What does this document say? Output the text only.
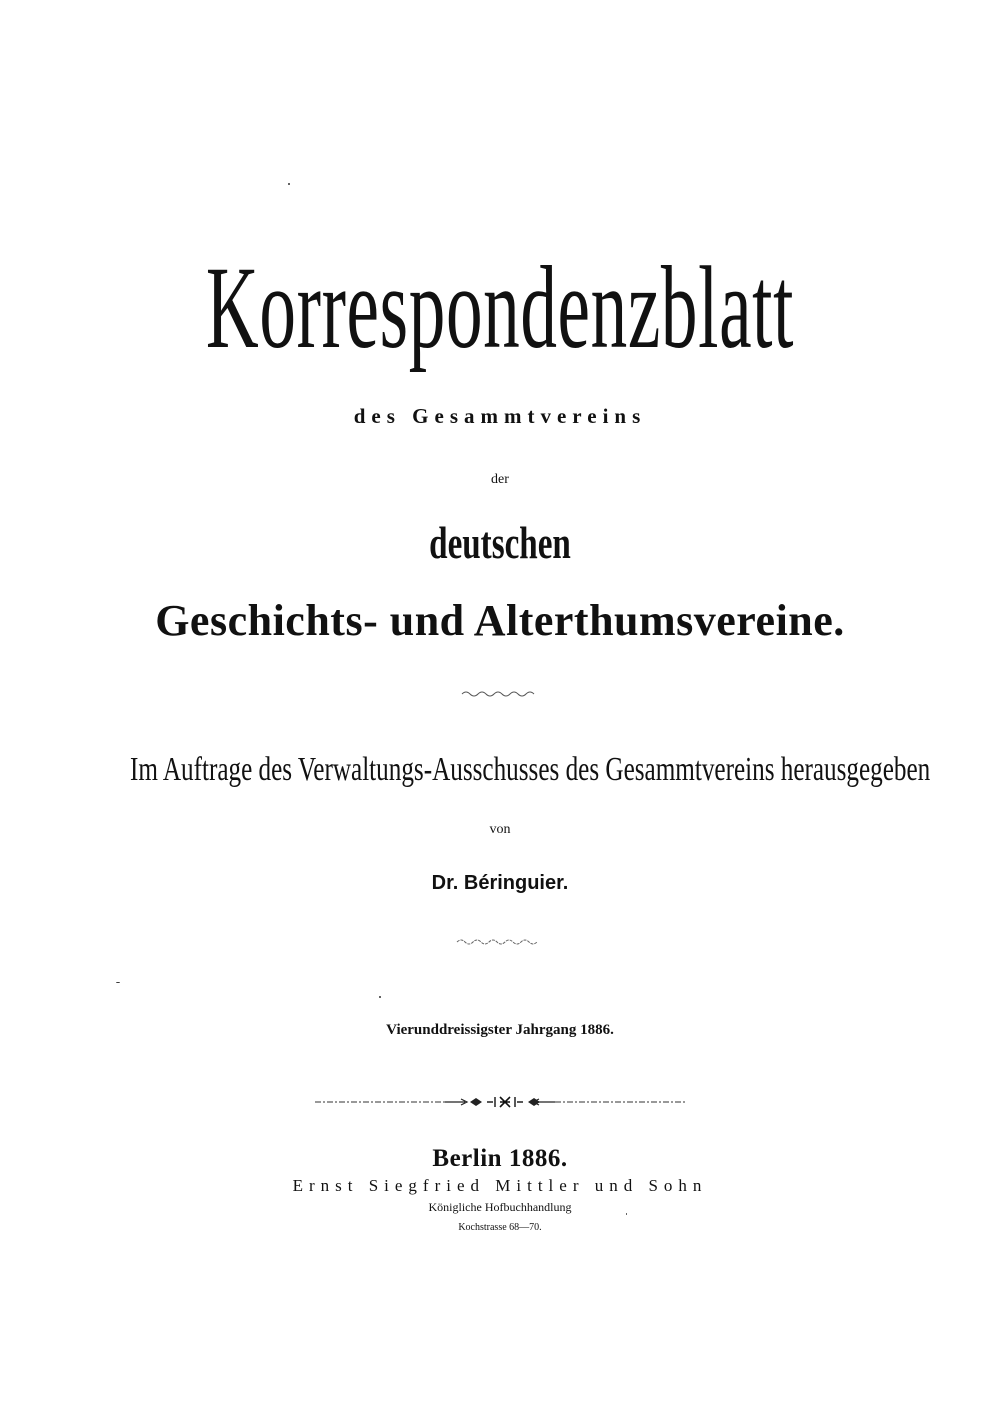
Korrespondenzblatt
des Gesammtvereins
der
deutschen
Geschichts- und Alterthumsvereine.
Im Auftrage des Verwaltungs-Ausschusses des Gesammtvereins herausgegeben
von
Dr. Béringuier.
Vierunddreissigster Jahrgang 1886.
Berlin 1886.
Ernst Siegfried Mittler und Sohn
Königliche Hofbuchhandlung
Kochstrasse 68—70.
